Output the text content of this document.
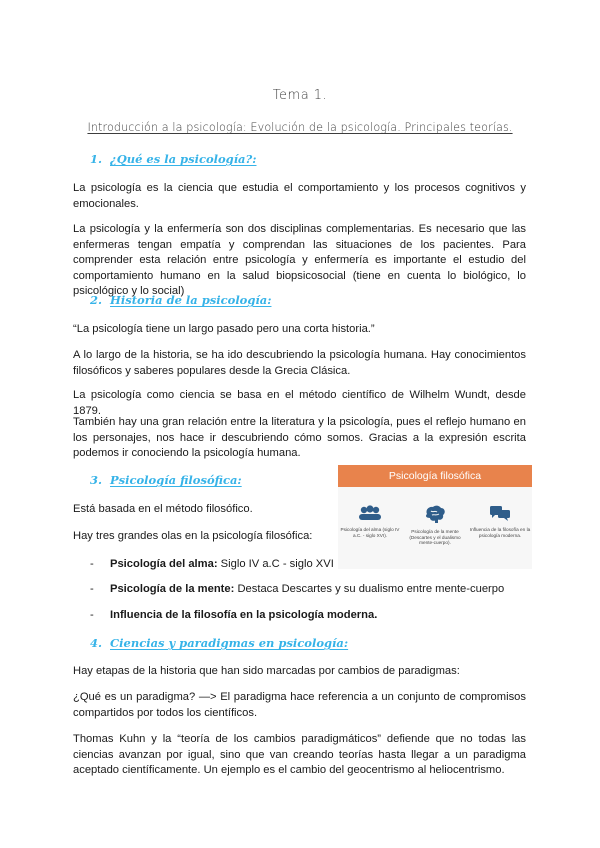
Tema 1.
Introducción a la psicología: Evolución de la psicología. Principales teorías.
1. ¿Qué es la psicología?:
La psicología es la ciencia que estudia el comportamiento y los procesos cognitivos y emocionales.
La psicología y la enfermería son dos disciplinas complementarias. Es necesario que las enfermeras tengan empatía y comprendan las situaciones de los pacientes. Para comprender esta relación entre psicología y enfermería es importante el estudio del comportamiento humano en la salud biopsicosocial (tiene en cuenta lo biológico, lo psicológico y lo social)
2. Historia de la psicología:
“La psicología tiene un largo pasado pero una corta historia.”
A lo largo de la historia, se ha ido descubriendo la psicología humana. Hay conocimientos filosóficos y saberes populares desde la Grecia Clásica.
La psicología como ciencia se basa en el método científico de Wilhelm Wundt, desde 1879.
También hay una gran relación entre la literatura y la psicología, pues el reflejo humano en los personajes, nos hace ir descubriendo cómo somos. Gracias a la expresión escrita podemos ir conociendo la psicología humana.
3. Psicología filosófica:
Está basada en el método filosófico.
Hay tres grandes olas en la psicología filosófica:
- Psicología del alma: Siglo IV a.C - siglo XVI
- Psicología de la mente: Destaca Descartes y su dualismo entre mente-cuerpo
- Influencia de la filosofía en la psicología moderna.
Psicología filosófica
Psicología del alma (siglo IV a.C. - siglo XVI).
Psicología de la mente (Descartes y el dualismo mente-cuerpo).
Influencia de la filosofía en la psicología moderna.
4. Ciencias y paradigmas en psicología:
Hay etapas de la historia que han sido marcadas por cambios de paradigmas:
¿Qué es un paradigma? —> El paradigma hace referencia a un conjunto de compromisos compartidos por todos los científicos.
Thomas Kuhn y la “teoría de los cambios paradigmáticos” defiende que no todas las ciencias avanzan por igual, sino que van creando teorías hasta llegar a un paradigma aceptado científicamente. Un ejemplo es el cambio del geocentrismo al heliocentrismo.
